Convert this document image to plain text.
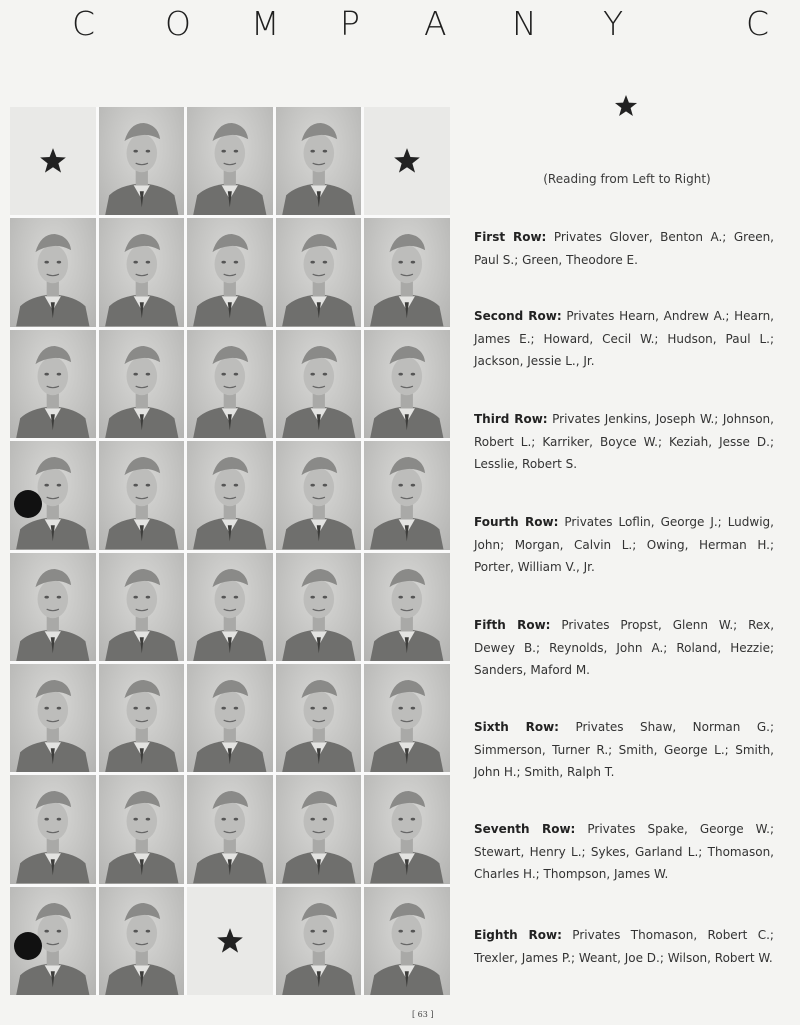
C O M P A N Y	C
(Reading from Left to Right)
First Row: Privates Glover, Benton A.; Green, Paul S.; Green, Theodore E.
Second Row: Privates Hearn, Andrew A.; Hearn, James E.; Howard, Cecil W.; Hudson, Paul L.; Jackson, Jessie L., Jr.
Third Row: Privates Jenkins, Joseph W.; Johnson, Robert L.; Karriker, Boyce W.; Keziah, Jesse D.; Lesslie, Robert S.
Fourth Row: Privates Loflin, George J.; Ludwig, John; Morgan, Calvin L.; Owing, Herman H.; Porter, William V., Jr.
Fifth Row: Privates Propst, Glenn W.; Rex, Dewey B.; Reynolds, John A.; Roland, Hezzie; Sanders, Maford M.
Sixth Row: Privates Shaw, Norman G.; Simmerson, Turner R.; Smith, George L.; Smith, John H.; Smith, Ralph T.
Seventh Row: Privates Spake, George W.; Stewart, Henry L.; Sykes, Garland L.; Thomason, Charles H.; Thompson, James W.
Eighth Row: Privates Thomason, Robert C.; Trexler, James P.; Weant, Joe D.; Wilson, Robert W.
[ 63 ]
